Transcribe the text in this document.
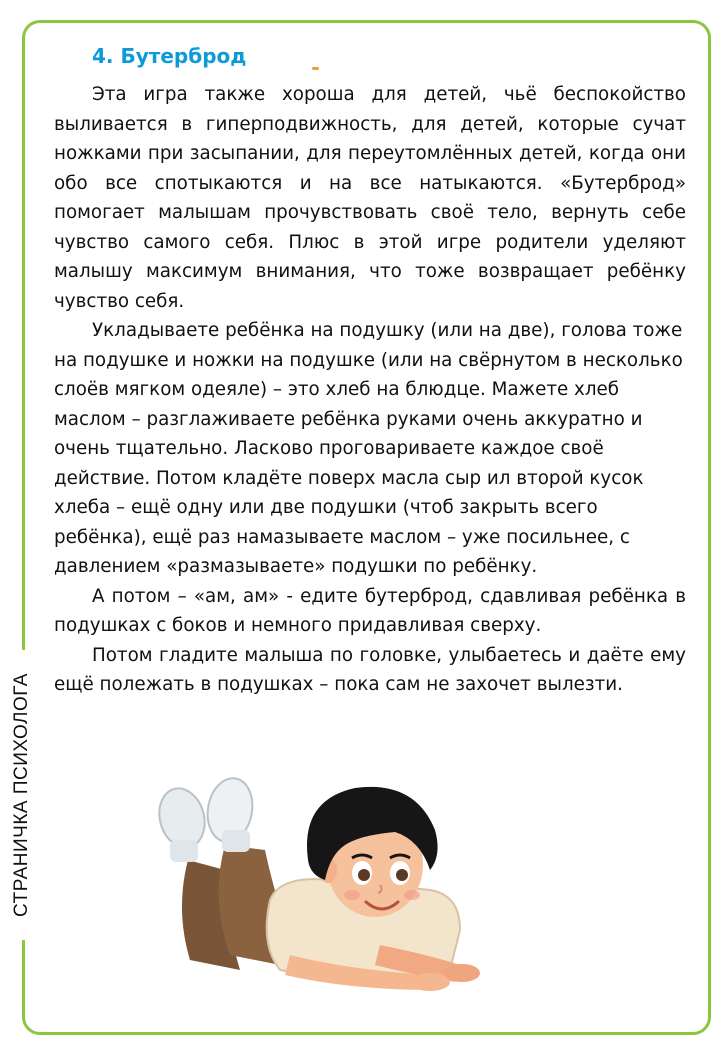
СТРАНИЧКА ПСИХОЛОГА
4. Бутерброд

Эта игра также хороша для детей, чьё беспокойство выливается в гиперподвижность, для детей, которые сучат ножками при засыпании, для переутомлённых детей, когда они обо все спотыкаются и на все натыкаются. «Бутерброд» помогает малышам прочувствовать своё тело, вернуть себе чувство самого себя. Плюс в этой игре родители уделяют малышу максимум внимания, что тоже возвращает ребёнку чувство себя.

Укладываете ребёнка на подушку (или на две), голова тоже на подушке и ножки на подушке (или на свёрнутом в несколько слоёв мягком одеяле) – это хлеб на блюдце. Мажете хлеб маслом – разглаживаете ребёнка руками очень аккуратно и очень тщательно. Ласково проговариваете каждое своё действие. Потом кладёте поверх масла сыр ил второй кусок хлеба – ещё одну или две подушки (чтоб закрыть всего ребёнка), ещё раз намазываете маслом – уже посильнее, с давлением «размазываете» подушки по ребёнку.

А потом – «ам, ам» - едите бутерброд, сдавливая ребёнка в подушках с боков и немного придавливая сверху.

Потом гладите малыша по головке, улыбаетесь и даёте ему ещё полежать в подушках – пока сам не захочет вылезти.
